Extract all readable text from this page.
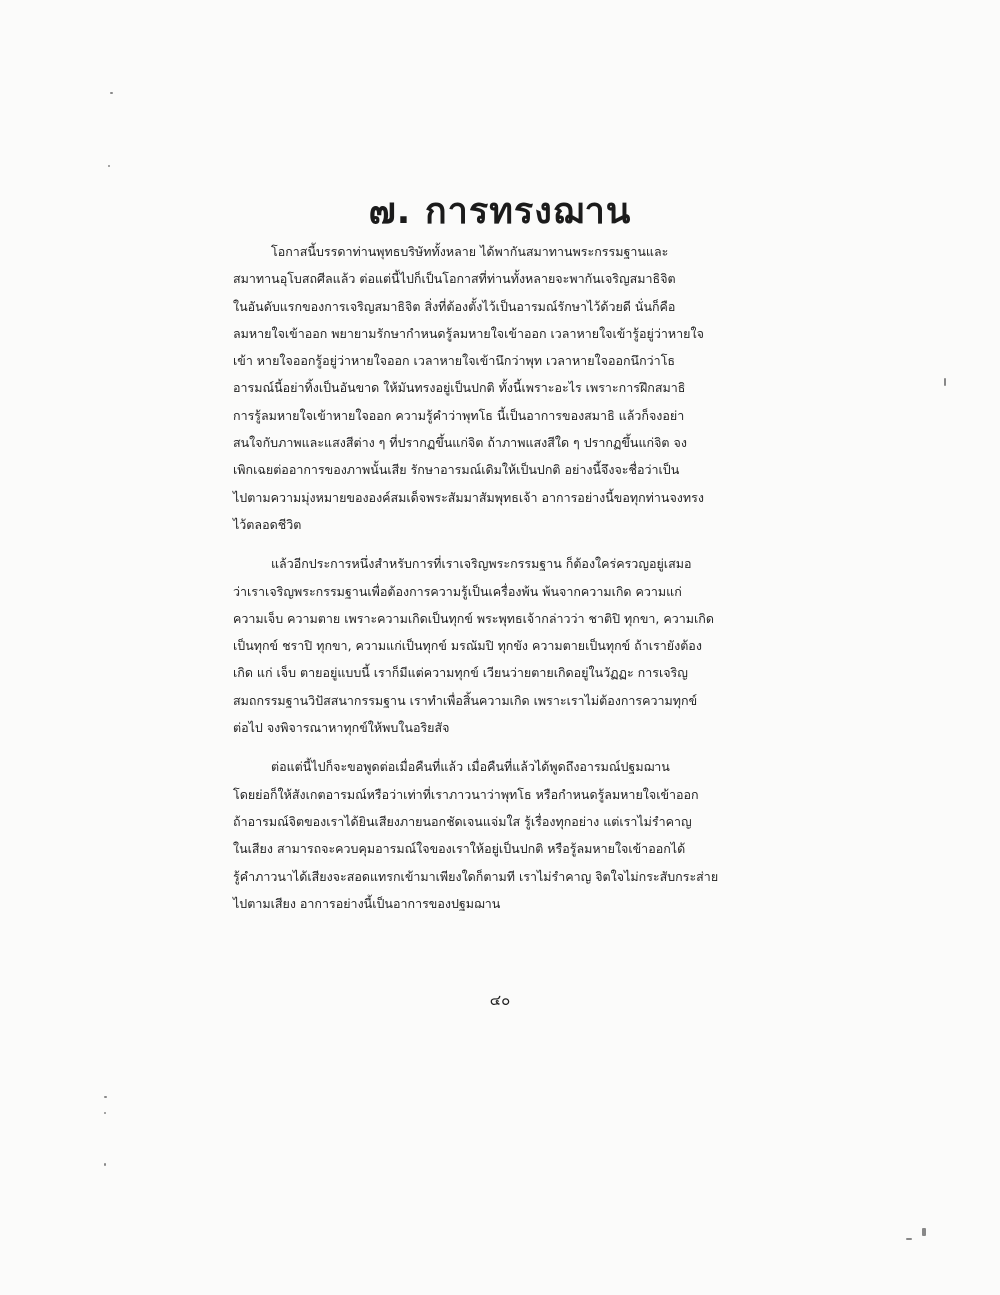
๗. การทรงฌาน
โอกาสนี้บรรดาท่านพุทธบริษัททั้งหลาย ได้พากันสมาทานพระกรรมฐานและ
สมาทานอุโบสถศีลแล้ว ต่อแต่นี้ไปก็เป็นโอกาสที่ท่านทั้งหลายจะพากันเจริญสมาธิจิต
ในอันดับแรกของการเจริญสมาธิจิต สิ่งที่ต้องตั้งไว้เป็นอารมณ์รักษาไว้ด้วยดี นั่นก็คือ
ลมหายใจเข้าออก พยายามรักษากำหนดรู้ลมหายใจเข้าออก เวลาหายใจเข้ารู้อยู่ว่าหายใจ
เข้า หายใจออกรู้อยู่ว่าหายใจออก เวลาหายใจเข้านึกว่าพุท เวลาหายใจออกนึกว่าโธ
อารมณ์นี้อย่าทิ้งเป็นอันขาด ให้มันทรงอยู่เป็นปกติ ทั้งนี้เพราะอะไร เพราะการฝึกสมาธิ
การรู้ลมหายใจเข้าหายใจออก ความรู้คำว่าพุทโธ นี้เป็นอาการของสมาธิ แล้วก็จงอย่า
สนใจกับภาพและแสงสีต่าง ๆ ที่ปรากฏขึ้นแก่จิต ถ้าภาพแสงสีใด ๆ ปรากฏขึ้นแก่จิต จง
เพิกเฉยต่ออาการของภาพนั้นเสีย รักษาอารมณ์เดิมให้เป็นปกติ อย่างนี้จึงจะชื่อว่าเป็น
ไปตามความมุ่งหมายขององค์สมเด็จพระสัมมาสัมพุทธเจ้า อาการอย่างนี้ขอทุกท่านจงทรง
ไว้ตลอดชีวิต
แล้วอีกประการหนึ่งสำหรับการที่เราเจริญพระกรรมฐาน ก็ต้องใคร่ครวญอยู่เสมอ
ว่าเราเจริญพระกรรมฐานเพื่อต้องการความรู้เป็นเครื่องพ้น พ้นจากความเกิด ความแก่
ความเจ็บ ความตาย เพราะความเกิดเป็นทุกข์ พระพุทธเจ้ากล่าวว่า ชาติปิ ทุกขา, ความเกิด
เป็นทุกข์ ชราปิ ทุกขา, ความแก่เป็นทุกข์ มรณัมปิ ทุกขัง ความตายเป็นทุกข์ ถ้าเรายังต้อง
เกิด แก่ เจ็บ ตายอยู่แบบนี้ เราก็มีแต่ความทุกข์ เวียนว่ายตายเกิดอยู่ในวัฏฏะ การเจริญ
สมถกรรมฐานวิปัสสนากรรมฐาน เราทำเพื่อสิ้นความเกิด เพราะเราไม่ต้องการความทุกข์
ต่อไป จงพิจารณาหาทุกข์ให้พบในอริยสัจ
ต่อแต่นี้ไปก็จะขอพูดต่อเมื่อคืนที่แล้ว เมื่อคืนที่แล้วได้พูดถึงอารมณ์ปฐมฌาน
โดยย่อก็ให้สังเกตอารมณ์หรือว่าเท่าที่เราภาวนาว่าพุทโธ หรือกำหนดรู้ลมหายใจเข้าออก
ถ้าอารมณ์จิตของเราได้ยินเสียงภายนอกชัดเจนแจ่มใส รู้เรื่องทุกอย่าง แต่เราไม่รำคาญ
ในเสียง สามารถจะควบคุมอารมณ์ใจของเราให้อยู่เป็นปกติ หรือรู้ลมหายใจเข้าออกได้
รู้คำภาวนาได้เสียงจะสอดแทรกเข้ามาเพียงใดก็ตามที เราไม่รำคาญ จิตใจไม่กระสับกระส่าย
ไปตามเสียง อาการอย่างนี้เป็นอาการของปฐมฌาน
๔๐
